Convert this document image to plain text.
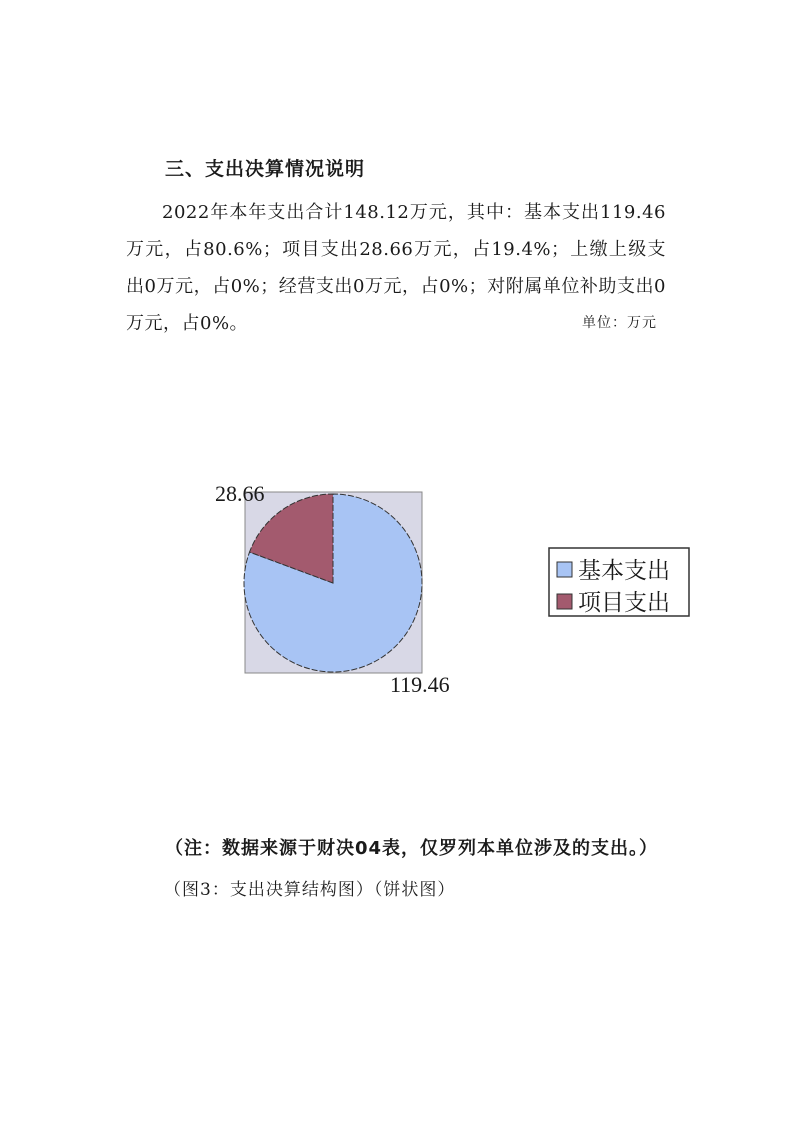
三、支出决算情况说明
2022年本年支出合计148.12万元，其中：基本支出119.46万元，占80.6%；项目支出28.66万元，占19.4%；上缴上级支出0万元，占0%；经营支出0万元，占0%；对附属单位补助支出0万元，占0%。	单位：万元
119.46
28.66
基本支出
项目支出
（注：数据来源于财决04表，仅罗列本单位涉及的支出。）
（图3：支出决算结构图）（饼状图）
